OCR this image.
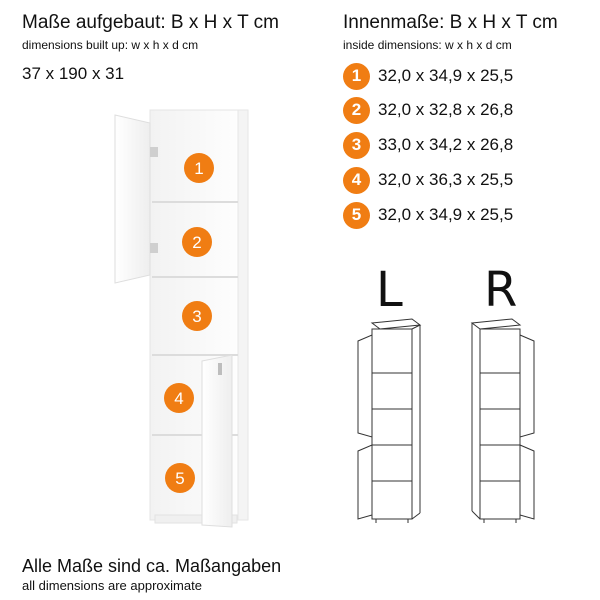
Maße aufgebaut: B x H x T cm
dimensions built up: w x h x d cm
37 x 190 x 31
Innenmaße: B x H x T cm
inside dimensions: w x h x d cm
1 32,0 x 34,9 x 25,5
2 32,0 x 32,8 x 26,8
3 33,0 x 34,2 x 26,8
4 32,0 x 36,3 x 25,5
5 32,0 x 34,9 x 25,5
1
2
3
4
5
L R
Alle Maße sind ca. Maßangaben
all dimensions are approximate
